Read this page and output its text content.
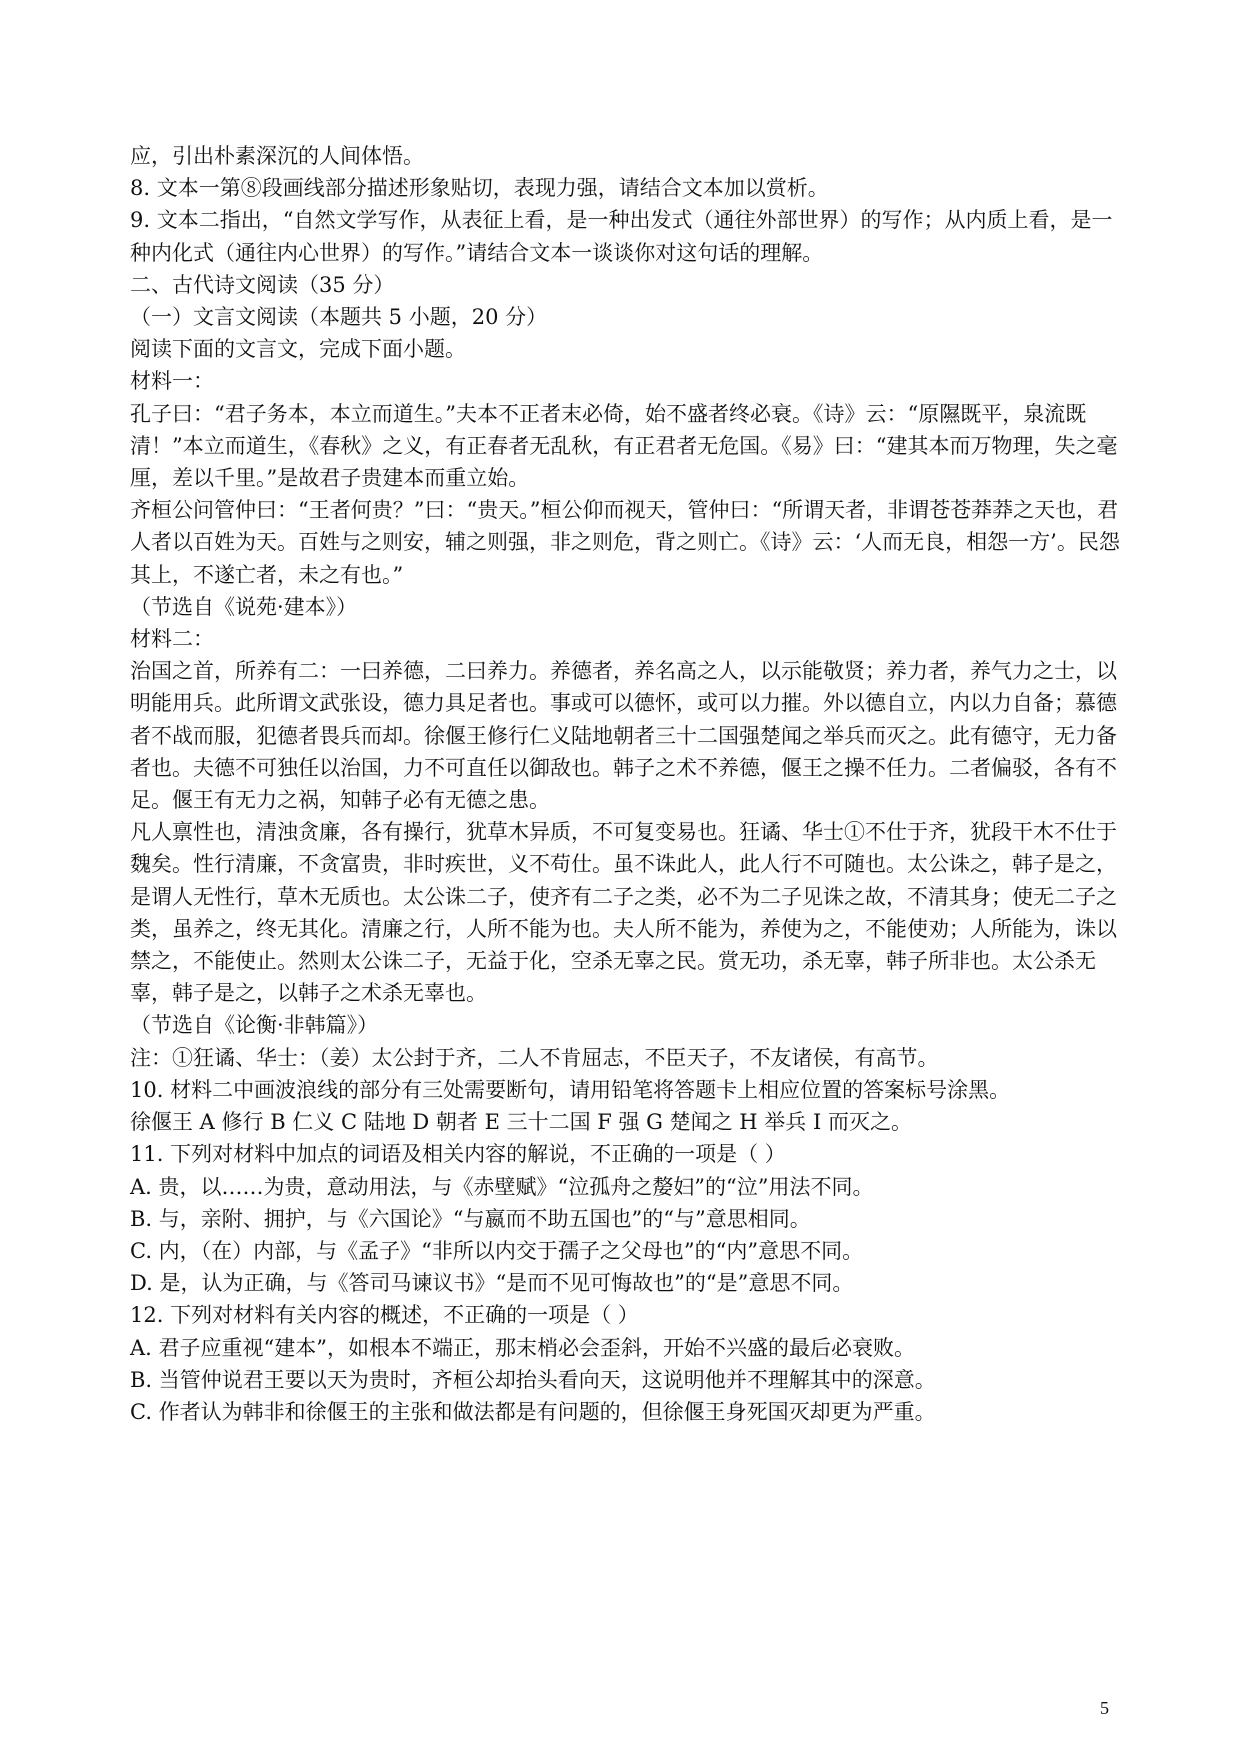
应，引出朴素深沉的人间体悟。

8. 文本一第⑧段画线部分描述形象贴切，表现力强，请结合文本加以赏析。

9. 文本二指出，“自然文学写作，从表征上看，是一种出发式（通往外部世界）的写作；从内质上看，是一种内化式（通往内心世界）的写作。”请结合文本一谈谈你对这句话的理解。

二、古代诗文阅读（35 分）

（一）文言文阅读（本题共 5 小题，20 分）

阅读下面的文言文，完成下面小题。

材料一：

孔子曰：“君子务本，本立而道生。”夫本不正者末必倚，始不盛者终必衰。《诗》云：“原隰既平，泉流既清！”本立而道生，《春秋》之义，有正春者无乱秋，有正君者无危国。《易》曰：“建其本而万物理，失之毫厘，差以千里。”是故君子贵建本而重立始。

齐桓公问管仲曰：“王者何贵？”曰：“贵天。”桓公仰而视天，管仲曰：“所谓天者，非谓苍苍莽莽之天也，君人者以百姓为天。百姓与之则安，辅之则强，非之则危，背之则亡。《诗》云：‘人而无良，相怨一方’。民怨其上，不遂亡者，未之有也。”

（节选自《说苑·建本》）

材料二：

治国之首，所养有二：一曰养德，二曰养力。养德者，养名高之人，以示能敬贤；养力者，养气力之士，以明能用兵。此所谓文武张设，德力具足者也。事或可以德怀，或可以力摧。外以德自立，内以力自备；慕德者不战而服，犯德者畏兵而却。徐偃王修行仁义陆地朝者三十二国强楚闻之举兵而灭之。此有德守，无力备者也。夫德不可独任以治国，力不可直任以御敌也。韩子之术不养德，偃王之操不任力。二者偏驳，各有不足。偃王有无力之祸，知韩子必有无德之患。

凡人禀性也，清浊贪廉，各有操行，犹草木异质，不可复变易也。狂谲、华士①不仕于齐，犹段干木不仕于魏矣。性行清廉，不贪富贵，非时疾世，义不苟仕。虽不诛此人，此人行不可随也。太公诛之，韩子是之，是谓人无性行，草木无质也。太公诛二子，使齐有二子之类，必不为二子见诛之故，不清其身；使无二子之类，虽养之，终无其化。清廉之行，人所不能为也。夫人所不能为，养使为之，不能使劝；人所能为，诛以禁之，不能使止。然则太公诛二子，无益于化，空杀无辜之民。赏无功，杀无辜，韩子所非也。太公杀无辜，韩子是之，以韩子之术杀无辜也。

（节选自《论衡·非韩篇》）

注：①狂谲、华士：（姜）太公封于齐，二人不肯屈志，不臣天子，不友诸侯，有高节。

10. 材料二中画波浪线的部分有三处需要断句，请用铅笔将答题卡上相应位置的答案标号涂黑。

徐偃王 A 修行 B 仁义 C 陆地 D 朝者 E 三十二国 F 强 G 楚闻之 H 举兵 I 而灭之。

11. 下列对材料中加点的词语及相关内容的解说，不正确的一项是（ ）

A. 贵，以……为贵，意动用法，与《赤壁赋》“泣孤舟之嫠妇”的“泣”用法不同。

B. 与，亲附、拥护，与《六国论》“与嬴而不助五国也”的“与”意思相同。

C. 内，（在）内部，与《孟子》“非所以内交于孺子之父母也”的“内”意思不同。

D. 是，认为正确，与《答司马谏议书》“是而不见可悔故也”的“是”意思不同。

12. 下列对材料有关内容的概述，不正确的一项是（ ）

A. 君子应重视“建本”，如根本不端正，那末梢必会歪斜，开始不兴盛的最后必衰败。

B. 当管仲说君王要以天为贵时，齐桓公却抬头看向天，这说明他并不理解其中的深意。

C. 作者认为韩非和徐偃王的主张和做法都是有问题的，但徐偃王身死国灭却更为严重。

5
